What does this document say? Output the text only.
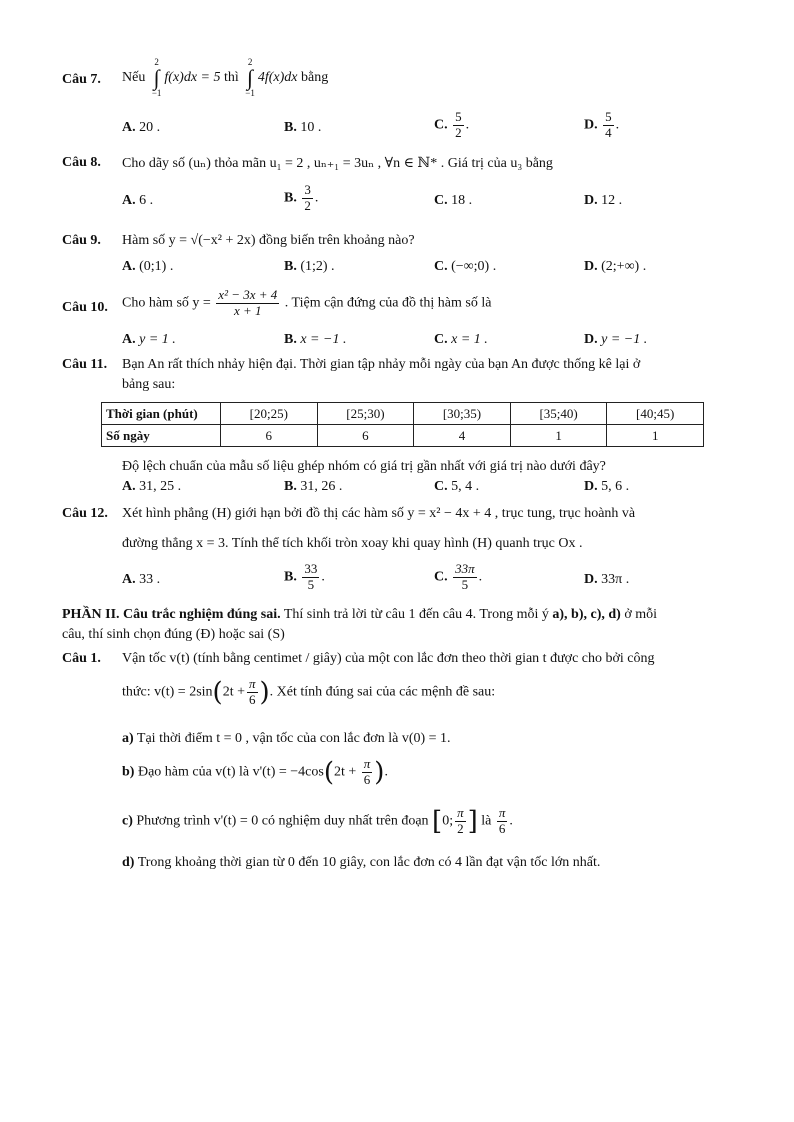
Câu 7. Nếu
2
∫
−1
f(x)dx = 5 thì
2
∫
−1
4f(x)dx bằng
A. 20 .	B. 10 .	C. $\frac{5}{2}$ .	D. $\frac{5}{4}$ .
Câu 8. Cho dãy số (uₙ) thỏa mãn u₁ = 2 , uₙ₊₁ = 3uₙ , ∀n ∈ ℕ* . Giá trị của u₃ bằng
A. 6 .	B. $\frac{3}{2}$ .	C. 18 .	D. 12 .
Câu 9. Hàm số y = √(−x² + 2x) đồng biến trên khoảng nào?
A. (0;1) .	B. (1;2) .	C. (−∞;0) .	D. (2;+∞) .
Câu 10. Cho hàm số $y = \frac{\text{x² − 3x + 4}}{x + 1}$ . Tiệm cận đứng của đồ thị hàm số là
A. y = 1 .	B. x = −1 .	C. x = 1 .	D. y = −1 .
Câu 11. Bạn An rất thích nhảy hiện đại. Thời gian tập nhảy mỗi ngày của bạn An được thống kê lại ở
bảng sau:
Thời gian (phút)	[20;25)	[25;30)	[30;35)	[35;40)	[40;45)
Số ngày	6	6	4	1	1
Độ lệch chuẩn của mẫu số liệu ghép nhóm có giá trị gần nhất với giá trị nào dưới đây?
A. 31, 25 .	B. 31, 26 .	C. 5, 4 .	D. 5, 6 .
Câu 12. Xét hình phẳng (H) giới hạn bởi đồ thị các hàm số y = x² − 4x + 4 , trục tung, trục hoành và
đường thẳng x = 3. Tính thể tích khối tròn xoay khi quay hình (H) quanh trục Ox .
A. 33 .	B. $\frac{33}{5}$ .	C. $\frac{33\pi}{5}$ .	D. 33π .
PHẦN II. Câu trắc nghiệm đúng sai. Thí sinh trả lời từ câu 1 đến câu 4. Trong mỗi ý a), b), c), d) ở mỗi
câu, thí sinh chọn đúng (Đ) hoặc sai (S)
Câu 1. Vận tốc v(t) (tính bằng centimet / giây) của một con lắc đơn theo thời gian t được cho bởi công
thức: $v(t) = 2\sin(2t + \frac{\pi}{6}$ ). Xét tính đúng sai của các mệnh đề sau:
a) Tại thời điểm t = 0 , vận tốc của con lắc đơn là v(0) = 1.
b) Đạo hàm của v(t) là $v'(t) = -4\cos(2t + \frac{\pi}{6}$ ).
c) Phương trình v'(t) = 0 có nghiệm duy nhất trên đoạn [0; $\frac{\pi}{2}$ ] là $\frac{\pi}{6}$ .
d) Trong khoảng thời gian từ 0 đến 10 giây, con lắc đơn có 4 lần đạt vận tốc lớn nhất.
